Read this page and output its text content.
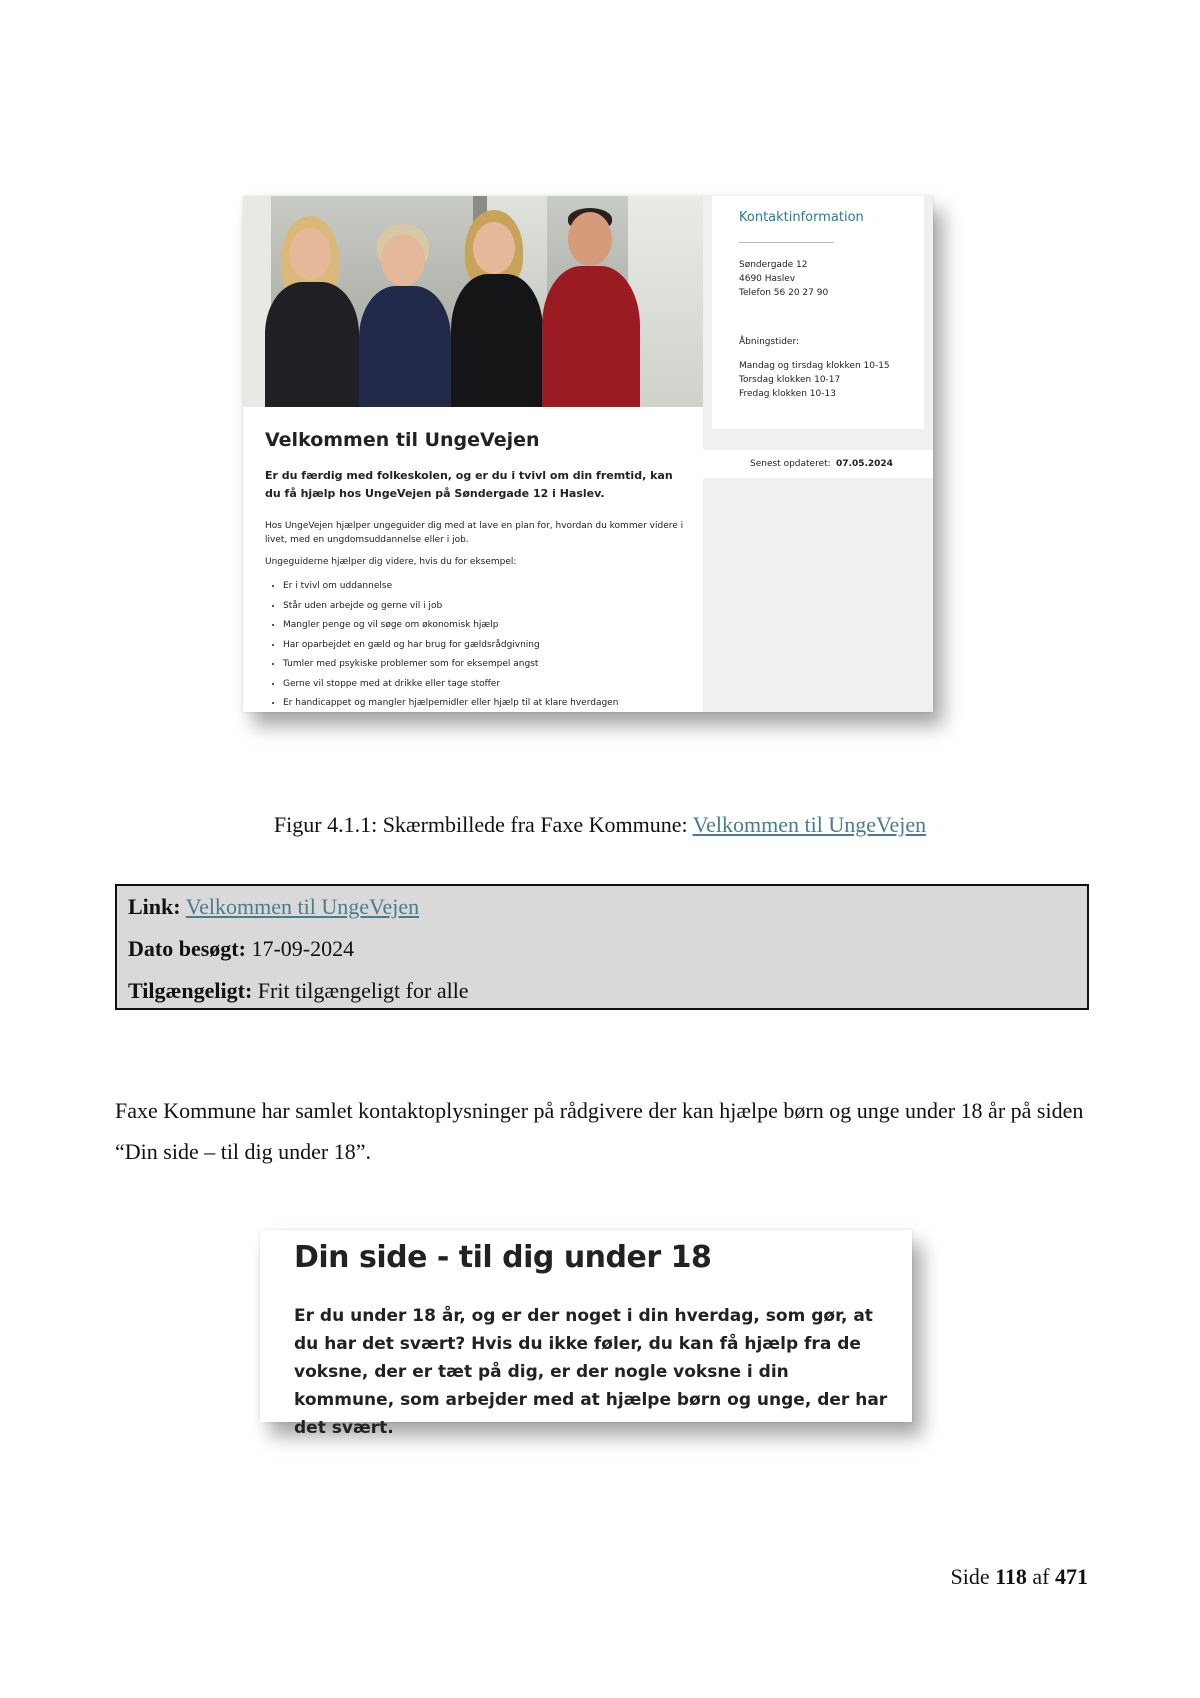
Velkommen til UngeVejen
Er du færdig med folkeskolen, og er du i tvivl om din fremtid, kan du få hjælp hos UngeVejen på Søndergade 12 i Haslev.
Hos UngeVejen hjælper ungeguider dig med at lave en plan for, hvordan du kommer videre i livet, med en ungdomsuddannelse eller i job.
Ungeguiderne hjælper dig videre, hvis du for eksempel:
• Er i tvivl om uddannelse
• Står uden arbejde og gerne vil i job
• Mangler penge og vil søge om økonomisk hjælp
• Har oparbejdet en gæld og har brug for gældsrådgivning
• Tumler med psykiske problemer som for eksempel angst
• Gerne vil stoppe med at drikke eller tage stoffer
• Er handicappet og mangler hjælpemidler eller hjælp til at klare hverdagen
Kontaktinformation
Søndergade 12
4690 Haslev
Telefon 56 20 27 90
Åbningstider:
Mandag og tirsdag klokken 10-15
Torsdag klokken 10-17
Fredag klokken 10-13
Senest opdateret: 07.05.2024
Figur 4.1.1: Skærmbillede fra Faxe Kommune: Velkommen til UngeVejen
Link: Velkommen til UngeVejen
Dato besøgt: 17-09-2024
Tilgængeligt: Frit tilgængeligt for alle
Faxe Kommune har samlet kontaktoplysninger på rådgivere der kan hjælpe børn og unge under 18 år på siden “Din side – til dig under 18”.
Din side - til dig under 18
Er du under 18 år, og er der noget i din hverdag, som gør, at du har det svært? Hvis du ikke føler, du kan få hjælp fra de voksne, der er tæt på dig, er der nogle voksne i din kommune, som arbejder med at hjælpe børn og unge, der har det svært.
Side 118 af 471
